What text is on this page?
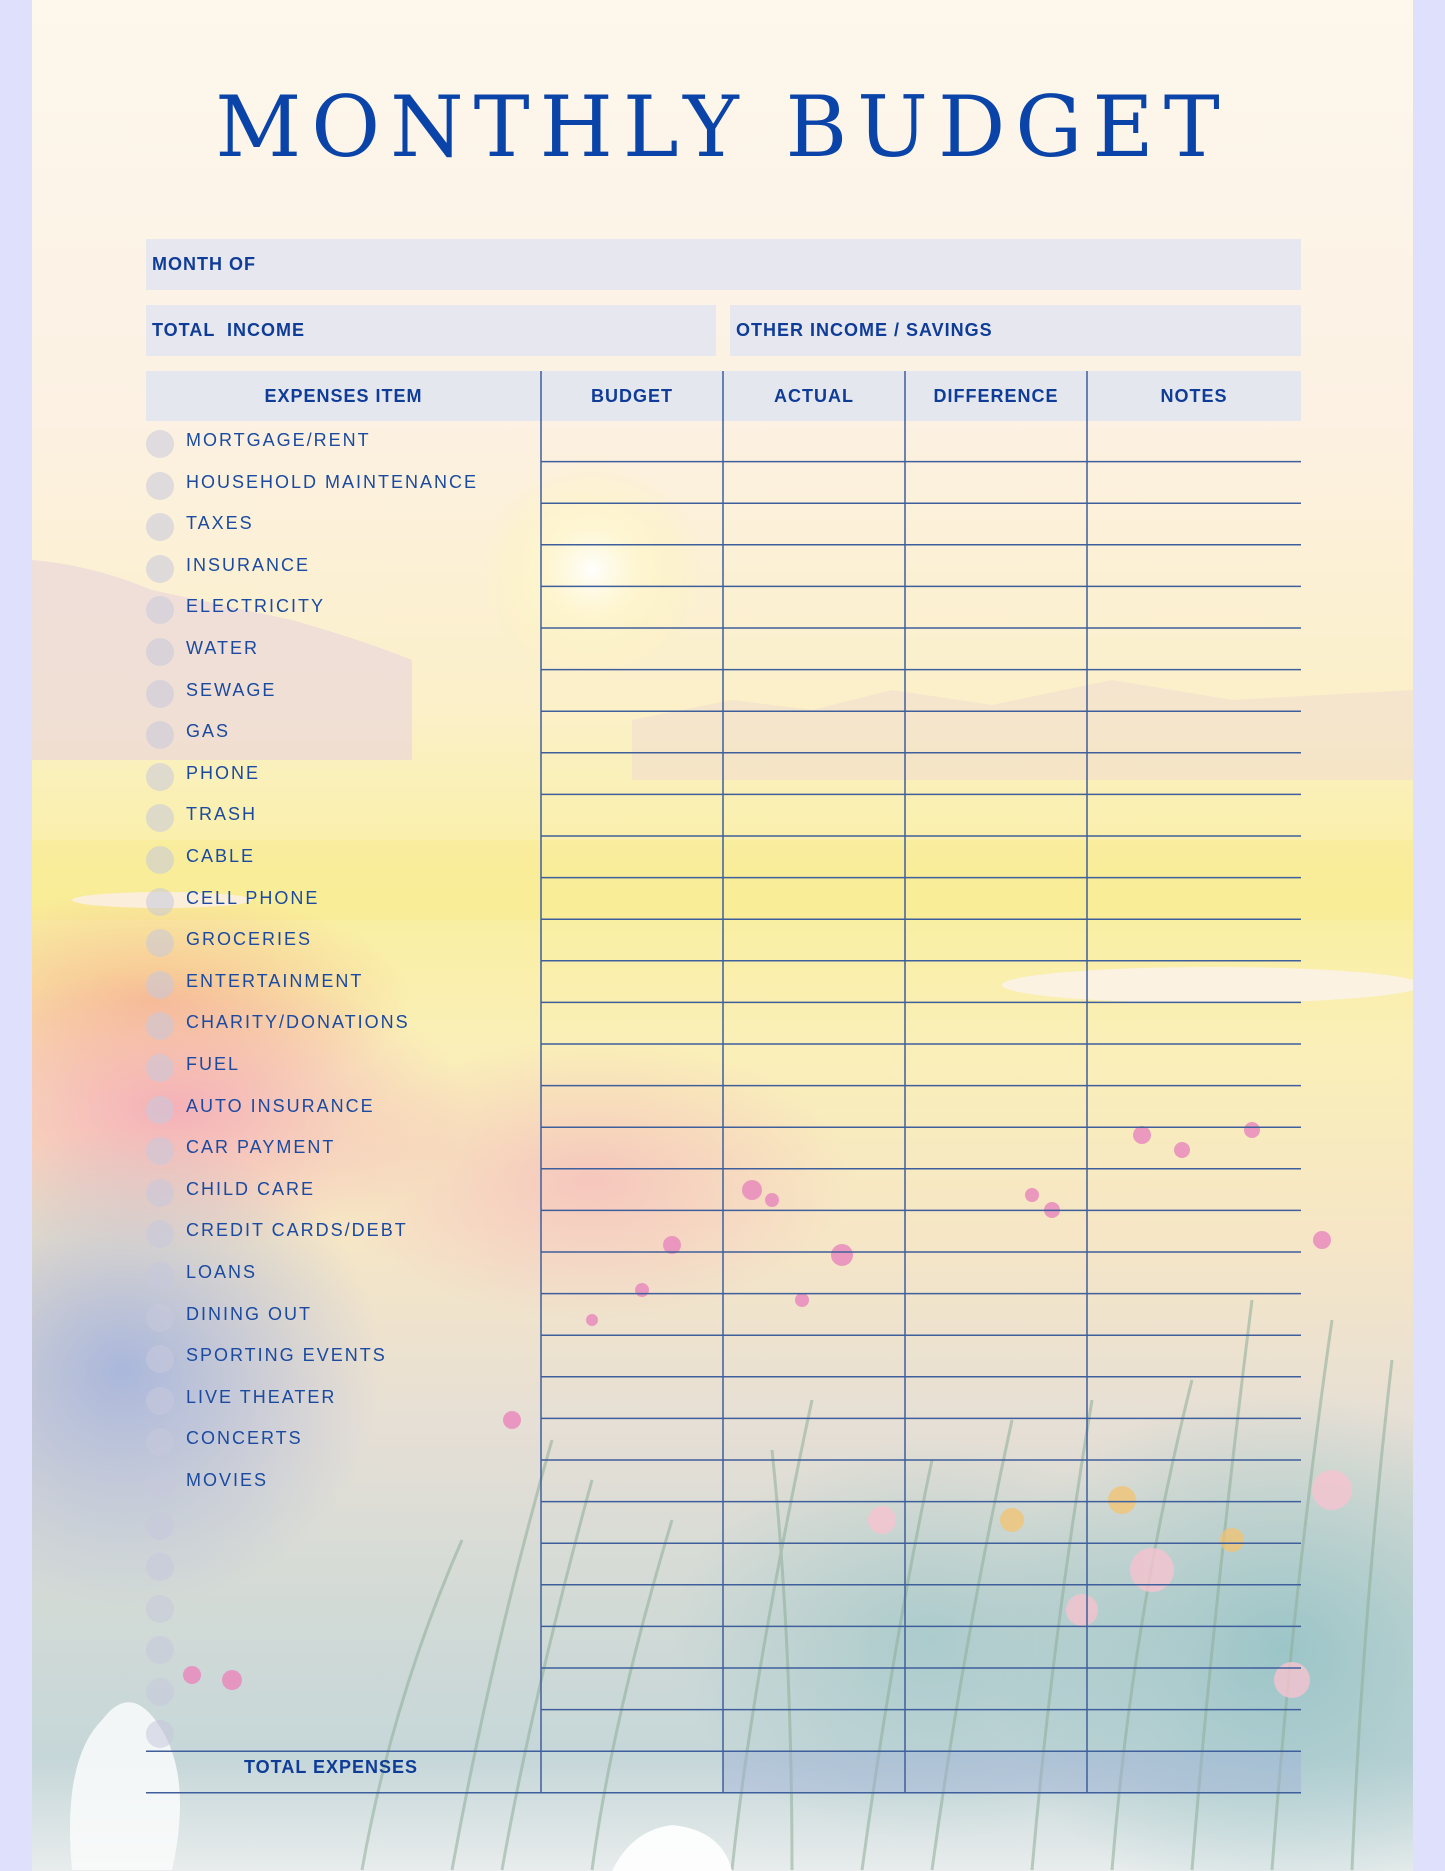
MONTHLY BUDGET
MONTH OF
TOTAL  INCOME	OTHER INCOME / SAVINGS
EXPENSES ITEM	BUDGET	ACTUAL	DIFFERENCE	NOTES
MORTGAGE/RENT
HOUSEHOLD MAINTENANCE
TAXES
INSURANCE
ELECTRICITY
WATER
SEWAGE
GAS
PHONE
TRASH
CABLE
CELL PHONE
GROCERIES
ENTERTAINMENT
CHARITY/DONATIONS
FUEL
AUTO INSURANCE
CAR PAYMENT
CHILD CARE
CREDIT CARDS/DEBT
LOANS
DINING OUT
SPORTING EVENTS
LIVE THEATER
CONCERTS
MOVIES
TOTAL EXPENSES
